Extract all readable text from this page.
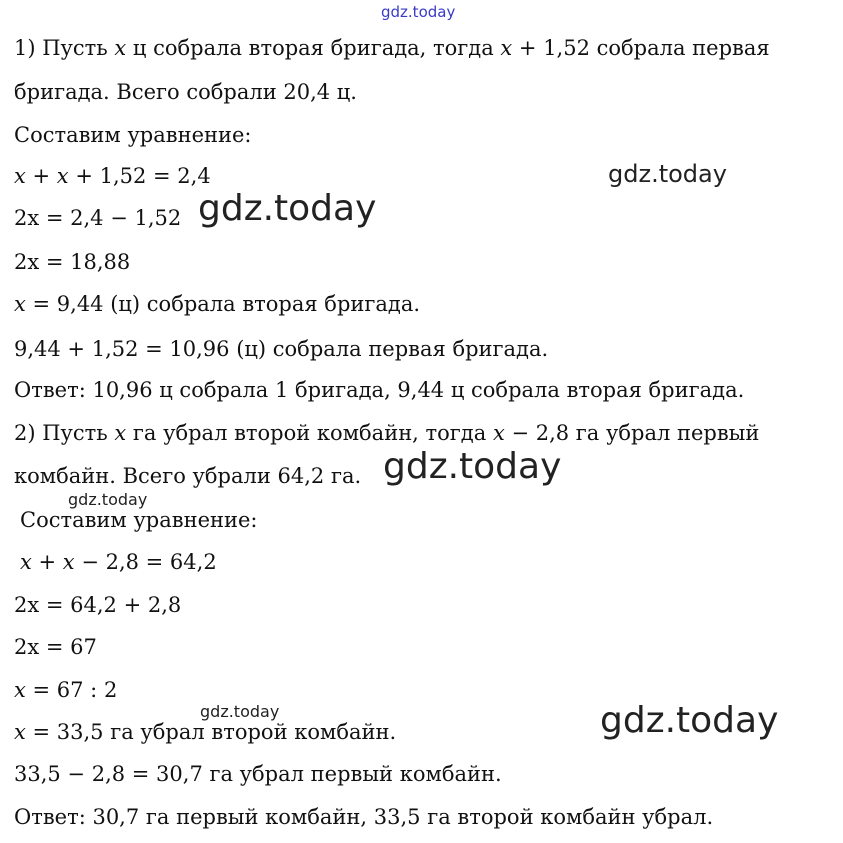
1) Пусть x ц собрала вторая бригада, тогда x + 1,52 собрала первая
бригада. Всего собрали 20,4 ц.
Составим уравнение:
x + x + 1,52 = 2,4
2x = 2,4 − 1,52
2x = 18,88
x = 9,44 (ц) собрала вторая бригада.
9,44 + 1,52 = 10,96 (ц) собрала первая бригада.
Ответ: 10,96 ц собрала 1 бригада, 9,44 ц собрала вторая бригада.
2) Пусть x га убрал второй комбайн, тогда x − 2,8 га убрал первый
комбайн. Всего убрали 64,2 га.
Составим уравнение:
x + x − 2,8 = 64,2
2x = 64,2 + 2,8
2x = 67
x = 67 : 2
x = 33,5 га убрал второй комбайн.
33,5 − 2,8 = 30,7 га убрал первый комбайн.
Ответ: 30,7 га первый комбайн, 33,5 га второй комбайн убрал.
gdz.today
gdz.today
gdz.today
gdz.today
gdz.today
gdz.today	gdz.today
